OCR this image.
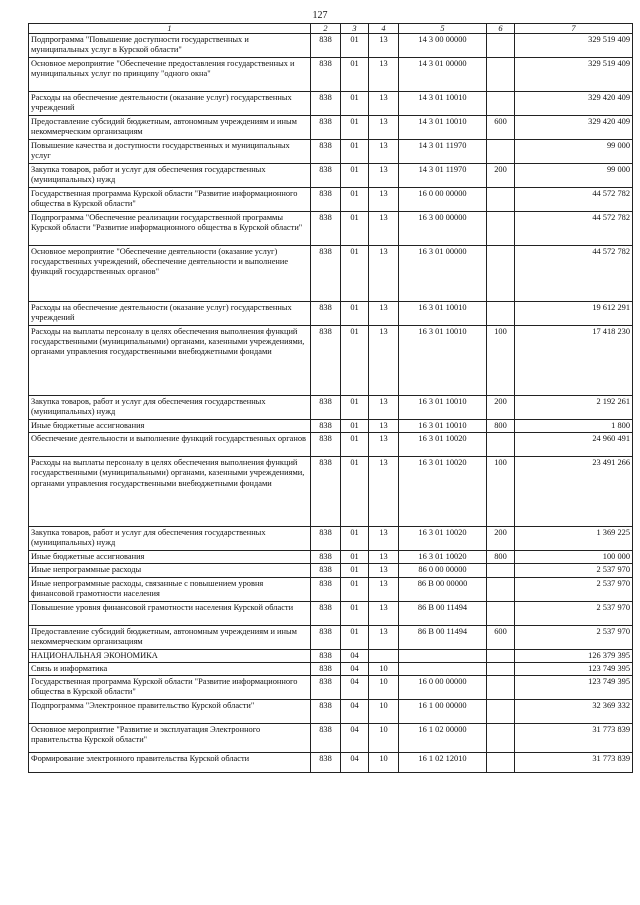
127
1	2	3	4	5	6	7
Подпрограмма "Повышение доступности государственных и муниципальных услуг в Курской области"	838	01	13	14 3 00 00000		329 519 409
Основное мероприятие "Обеспечение предоставления государственных и муниципальных услуг по принципу "одного окна"	838	01	13	14 3 01 00000		329 519 409
Расходы на обеспечение деятельности (оказание услуг) государственных учреждений	838	01	13	14 3 01 10010		329 420 409
Предоставление субсидий бюджетным, автономным учреждениям и иным некоммерческим организациям	838	01	13	14 3 01 10010	600	329 420 409
Повышение качества и доступности государственных и муниципальных услуг	838	01	13	14 3 01 11970		99 000
Закупка товаров, работ и услуг для обеспечения государственных (муниципальных) нужд	838	01	13	14 3 01 11970	200	99 000
Государственная программа Курской области "Развитие информационного общества в Курской области"	838	01	13	16 0 00 00000		44 572 782
Подпрограмма "Обеспечение реализации государственной программы Курской области "Развитие информационного общества в Курской области"	838	01	13	16 3 00 00000		44 572 782
Основное мероприятие "Обеспечение деятельности (оказание услуг) государственных учреждений, обеспечение деятельности и выполнение функций государственных органов"	838	01	13	16 3 01 00000		44 572 782
Расходы на обеспечение деятельности (оказание услуг) государственных учреждений	838	01	13	16 3 01 10010		19 612 291
Расходы на выплаты персоналу в целях обеспечения выполнения функций государственными (муниципальными) органами, казенными учреждениями, органами управления государственными внебюджетными фондами	838	01	13	16 3 01 10010	100	17 418 230
Закупка товаров, работ и услуг для обеспечения государственных (муниципальных) нужд	838	01	13	16 3 01 10010	200	2 192 261
Иные бюджетные ассигнования	838	01	13	16 3 01 10010	800	1 800
Обеспечение деятельности и выполнение функций государственных органов	838	01	13	16 3 01 10020		24 960 491
Расходы на выплаты персоналу в целях обеспечения выполнения функций государственными (муниципальными) органами, казенными учреждениями, органами управления государственными внебюджетными фондами	838	01	13	16 3 01 10020	100	23 491 266
Закупка товаров, работ и услуг для обеспечения государственных (муниципальных) нужд	838	01	13	16 3 01 10020	200	1 369 225
Иные бюджетные ассигнования	838	01	13	16 3 01 10020	800	100 000
Иные непрограммные расходы	838	01	13	86 0 00 00000		2 537 970
Иные непрограммные расходы, связанные с повышением уровня финансовой грамотности населения	838	01	13	86 В 00 00000		2 537 970
Повышение уровня финансовой грамотности населения Курской области	838	01	13	86 В 00 11494		2 537 970
Предоставление субсидий бюджетным, автономным учреждениям и иным некоммерческим организациям	838	01	13	86 В 00 11494	600	2 537 970
НАЦИОНАЛЬНАЯ ЭКОНОМИКА	838	04				126 379 395
Связь и информатика	838	04	10			123 749 395
Государственная программа Курской области "Развитие информационного общества в Курской области"	838	04	10	16 0 00 00000		123 749 395
Подпрограмма "Электронное правительство Курской области"	838	04	10	16 1 00 00000		32 369 332
Основное мероприятие "Развитие и эксплуатация Электронного правительства Курской области"	838	04	10	16 1 02 00000		31 773 839
Формирование электронного правительства Курской области	838	04	10	16 1 02 12010		31 773 839
